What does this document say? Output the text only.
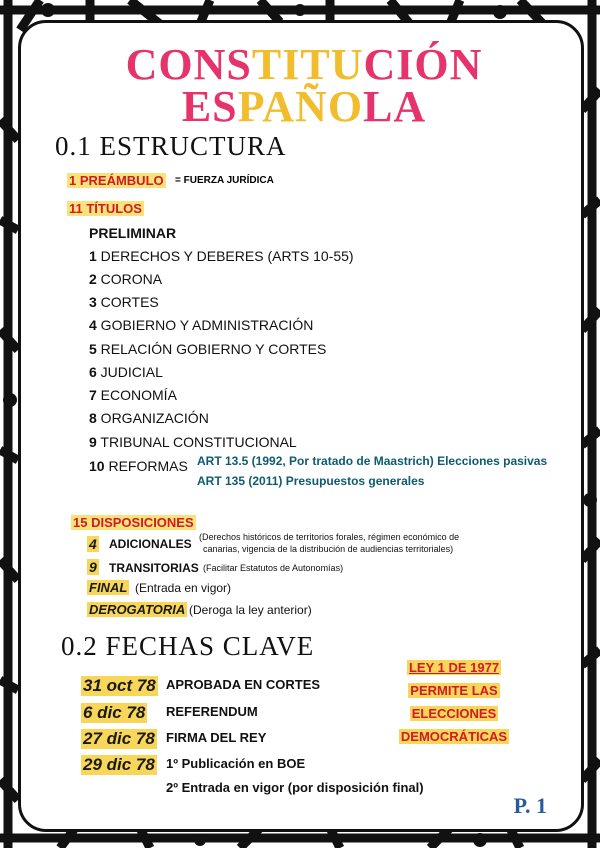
CONSTITUCIÓN
ESPAÑOLA
0.1 ESTRUCTURA
1 PREÁMBULO = FUERZA JURÍDICA
11 TÍTULOS
PRELIMINAR
1 DERECHOS Y DEBERES (ARTS 10-55)
2 CORONA
3 CORTES
4 GOBIERNO Y ADMINISTRACIÓN
5 RELACIÓN GOBIERNO Y CORTES
6 JUDICIAL
7 ECONOMÍA
8 ORGANIZACIÓN
9 TRIBUNAL CONSTITUCIONAL
10 REFORMAS ART 13.5 (1992, Por tratado de Maastrich) Elecciones pasivas
ART 135 (2011) Presupuestos generales
15 DISPOSICIONES
4 ADICIONALES (Derechos históricos de territorios forales, régimen económico de
canarias, vigencia de la distribución de audiencias territoriales)
9 TRANSITORIAS (Facilitar Estatutos de Autonomías)
FINAL (Entrada en vigor)
DEROGATORIA (Deroga la ley anterior)
0.2 FECHAS CLAVE
31 oct 78 APROBADA EN CORTES
6 dic 78 REFERENDUM
27 dic 78 FIRMA DEL REY
29 dic 78 1º Publicación en BOE
2º Entrada en vigor (por disposición final)
LEY 1 DE 1977
PERMITE LAS
ELECCIONES
DEMOCRÁTICAS
P. 1
